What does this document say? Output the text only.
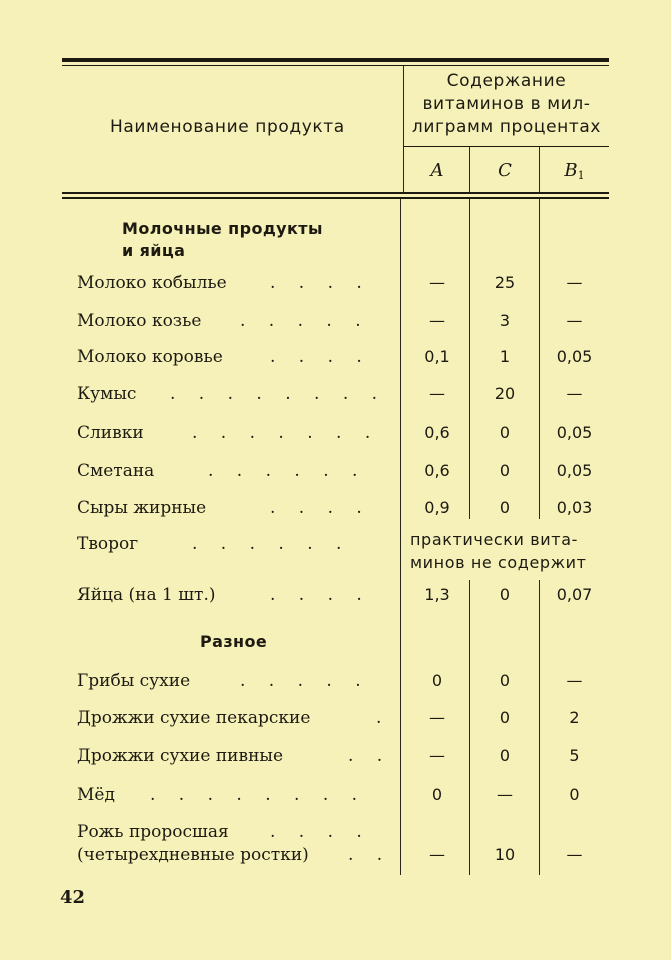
Наименование продукта
Содержание
витаминов в мил-
лиграмм процентах
A	C	$B_1$
Молочные продукты
и яйца
Молоко кобылье	. . . .	—	25	—
Молоко козье . . . . .	—	3	—
Молоко коровье	. . . .	0,1	1	0,05
Кумыс . . . . . . . .	—	20	—
Сливки	. . . . . . .	0,6	0	0,05
Сметана	. . . . . .	0,6	0	0,05
Сыры жирные	. . . .	0,9	0	0,03
Творог	. . . . . .	практически вита-
минов не содержит
Яйца (на 1 шт.)	. . . .	1,3	0	0,07
Разное
Грибы сухие	. . . . .	0	0	—
Дрожжи сухие пекарские	.	—	0	2
Дрожжи сухие пивные	. .	—	0	5
Мёд . . . . . . . .	0	—	0
Рожь проросшая . . . .
(четырехдневные ростки) . .	—	10	—
42
